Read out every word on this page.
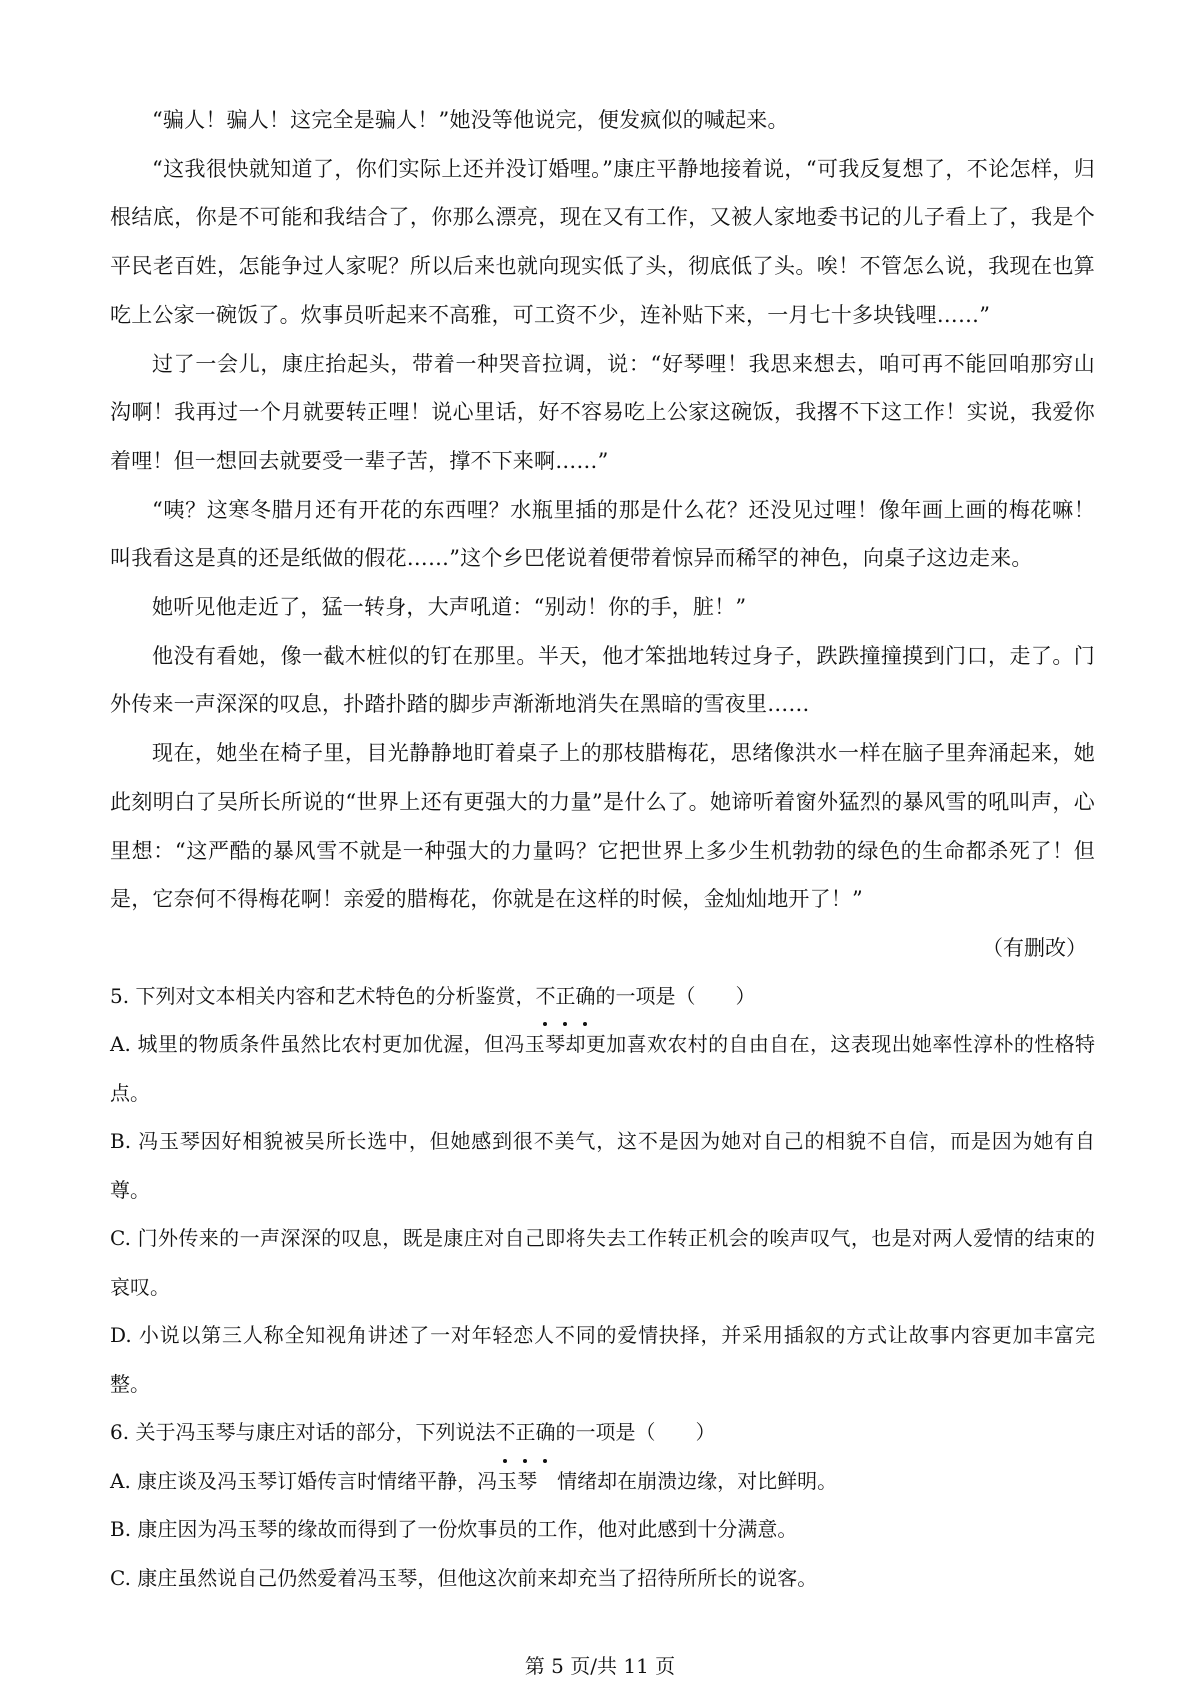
“骗人！骗人！这完全是骗人！”她没等他说完，便发疯似的喊起来。

“这我很快就知道了，你们实际上还并没订婚哩。”康庄平静地接着说，“可我反复想了，不论怎样，归根结底，你是不可能和我结合了，你那么漂亮，现在又有工作，又被人家地委书记的儿子看上了，我是个平民老百姓，怎能争过人家呢？所以后来也就向现实低了头，彻底低了头。唉！不管怎么说，我现在也算吃上公家一碗饭了。炊事员听起来不高雅，可工资不少，连补贴下来，一月七十多块钱哩……”

过了一会儿，康庄抬起头，带着一种哭音拉调，说：“好琴哩！我思来想去，咱可再不能回咱那穷山沟啊！我再过一个月就要转正哩！说心里话，好不容易吃上公家这碗饭，我撂不下这工作！实说，我爱你着哩！但一想回去就要受一辈子苦，撑不下来啊……”

“咦？这寒冬腊月还有开花的东西哩？水瓶里插的那是什么花？还没见过哩！像年画上画的梅花嘛！叫我看这是真的还是纸做的假花……”这个乡巴佬说着便带着惊异而稀罕的神色，向桌子这边走来。

她听见他走近了，猛一转身，大声吼道：“别动！你的手，脏！”

他没有看她，像一截木桩似的钉在那里。半天，他才笨拙地转过身子，跌跌撞撞摸到门口，走了。门外传来一声深深的叹息，扑踏扑踏的脚步声渐渐地消失在黑暗的雪夜里……

现在，她坐在椅子里，目光静静地盯着桌子上的那枝腊梅花，思绪像洪水一样在脑子里奔涌起来，她此刻明白了吴所长所说的“世界上还有更强大的力量”是什么了。她谛听着窗外猛烈的暴风雪的吼叫声，心里想：“这严酷的暴风雪不就是一种强大的力量吗？它把世界上多少生机勃勃的绿色的生命都杀死了！但是，它奈何不得梅花啊！亲爱的腊梅花，你就是在这样的时候，金灿灿地开了！”

（有删改）

5. 下列对文本相关内容和艺术特色的分析鉴赏，不正确的一项是（　　）

A. 城里的物质条件虽然比农村更加优渥，但冯玉琴却更加喜欢农村的自由自在，这表现出她率性淳朴的性格特点。

B. 冯玉琴因好相貌被吴所长选中，但她感到很不美气，这不是因为她对自己的相貌不自信，而是因为她有自尊。

C. 门外传来的一声深深的叹息，既是康庄对自己即将失去工作转正机会的唉声叹气，也是对两人爱情的结束的哀叹。

D. 小说以第三人称全知视角讲述了一对年轻恋人不同的爱情抉择，并采用插叙的方式让故事内容更加丰富完整。

6. 关于冯玉琴与康庄对话的部分，下列说法不正确的一项是（　　）

A. 康庄谈及冯玉琴订婚传言时情绪平静，冯玉琴　情绪却在崩溃边缘，对比鲜明。

B. 康庄因为冯玉琴的缘故而得到了一份炊事员的工作，他对此感到十分满意。

C. 康庄虽然说自己仍然爱着冯玉琴，但他这次前来却充当了招待所所长的说客。

第 5 页/共 11 页
